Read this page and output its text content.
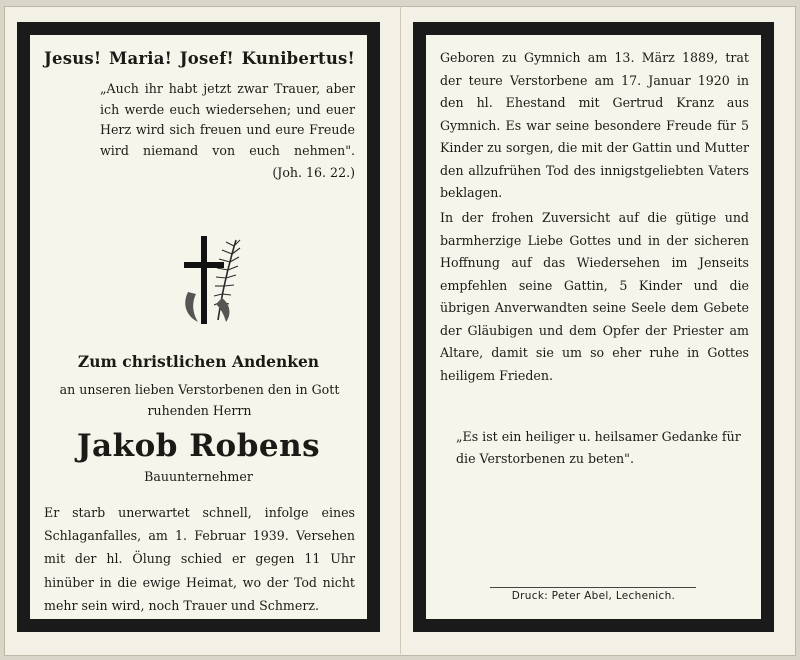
Jesus! Maria! Josef! Kunibertus!
„Auch ihr habt jetzt zwar Trauer, aber ich werde euch wiedersehen; und euer Herz wird sich freuen und eure Freude wird niemand von euch nehmen".
(Joh. 16. 22.)
Zum christlichen Andenken
an unseren lieben Verstorbenen den in Gott ruhenden Herrn
Jakob Robens
Bauunternehmer
Er starb unerwartet schnell, infolge eines Schlaganfalles, am 1. Februar 1939. Versehen mit der hl. Ölung schied er gegen 11 Uhr hinüber in die ewige Heimat, wo der Tod nicht mehr sein wird, noch Trauer und Schmerz.
Geboren zu Gymnich am 13. März 1889, trat der teure Verstorbene am 17. Januar 1920 in den hl. Ehestand mit Gertrud Kranz aus Gymnich. Es war seine besondere Freude für 5 Kinder zu sorgen, die mit der Gattin und Mutter den allzufrühen Tod des innigstgeliebten Vaters beklagen.
In der frohen Zuversicht auf die gütige und barmherzige Liebe Gottes und in der sicheren Hoffnung auf das Wiedersehen im Jenseits empfehlen seine Gattin, 5 Kinder und die übrigen Anverwandten seine Seele dem Gebete der Gläubigen und dem Opfer der Priester am Altare, damit sie um so eher ruhe in Gottes heiligem Frieden.
„Es ist ein heiliger u. heilsamer Gedanke für die Verstorbenen zu beten".
Druck: Peter Abel, Lechenich.
